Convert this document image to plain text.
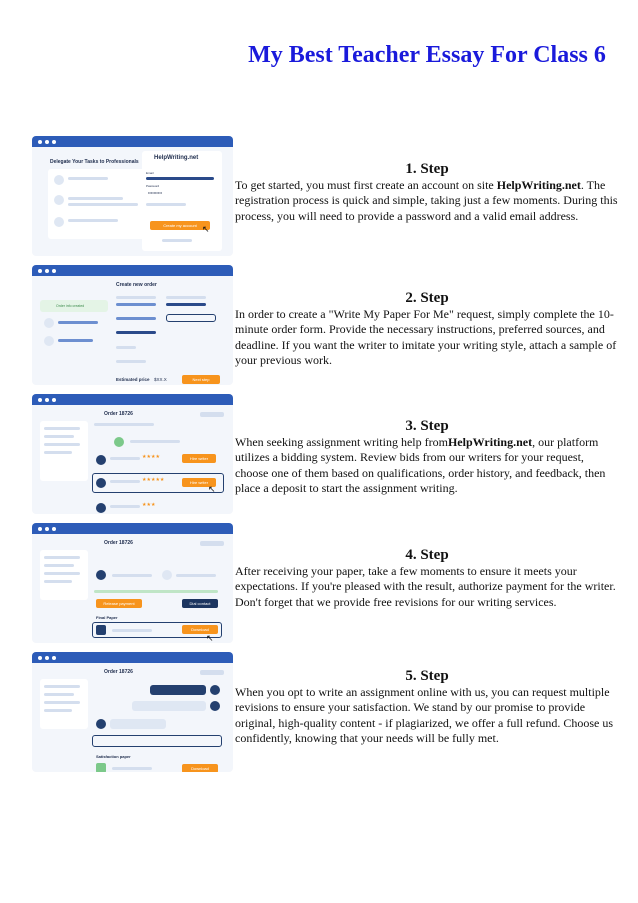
My Best Teacher Essay For Class 6
Delegate Your Tasks to Professionals
HelpWriting.net
Email
Password
••••••••••
Create my account ↖
Create new order
Order info created
Estimated price $XX.X	Next step
Order 18726
★★★★	Hire writer
★★★★★	Hire writer
↖
★★★
Order 18726
Release payment	Dial contact
Final Paper
Download
↖
Order 18726
Satisfaction paper
Download
1. Step

To get started, you must first create an account on site HelpWriting.net. The registration process is quick and simple, taking just a few moments. During this process, you will need to provide a password and a valid email address.

2. Step

In order to create a "Write My Paper For Me" request, simply complete the 10-minute order form. Provide the necessary instructions, preferred sources, and deadline. If you want the writer to imitate your writing style, attach a sample of your previous work.

3. Step

When seeking assignment writing help fromHelpWriting.net, our platform utilizes a bidding system. Review bids from our writers for your request, choose one of them based on qualifications, order history, and feedback, then place a deposit to start the assignment writing.

4. Step

After receiving your paper, take a few moments to ensure it meets your expectations. If you're pleased with the result, authorize payment for the writer. Don't forget that we provide free revisions for our writing services.

5. Step

When you opt to write an assignment online with us, you can request multiple revisions to ensure your satisfaction. We stand by our promise to provide original, high-quality content - if plagiarized, we offer a full refund. Choose us confidently, knowing that your needs will be fully met.
